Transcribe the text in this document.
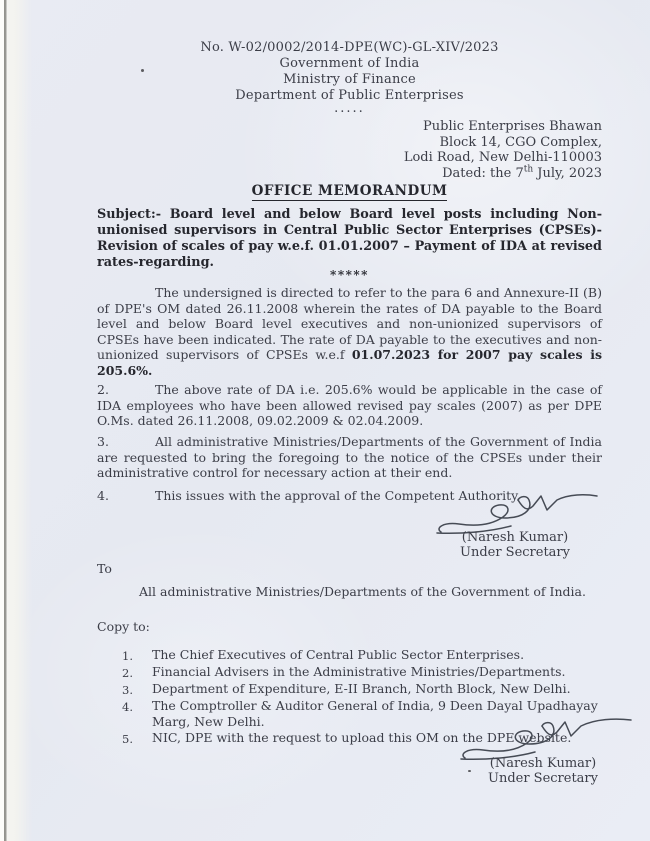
No. W-02/0002/2014-DPE(WC)-GL-XIV/2023
Government of India
Ministry of Finance
Department of Public Enterprises
.....
Public Enterprises Bhawan
Block 14, CGO Complex,
Lodi Road, New Delhi-110003
Dated: the 7th July, 2023
OFFICE MEMORANDUM

Subject:- Board level and below Board level posts including Non-unionised supervisors in Central Public Sector Enterprises (CPSEs)-Revision of scales of pay w.e.f. 01.01.2007 – Payment of IDA at revised rates-regarding.

*****

The undersigned is directed to refer to the para 6 and Annexure-II (B) of DPE's OM dated 26.11.2008 wherein the rates of DA payable to the Board level and below Board level executives and non-unionized supervisors of CPSEs have been indicated. The rate of DA payable to the executives and non-unionized supervisors of CPSEs w.e.f 01.07.2023 for 2007 pay scales is 205.6%.

2.	The above rate of DA i.e. 205.6% would be applicable in the case of IDA employees who have been allowed revised pay scales (2007) as per DPE O.Ms. dated 26.11.2008, 09.02.2009 & 02.04.2009.

3.	All administrative Ministries/Departments of the Government of India are requested to bring the foregoing to the notice of the CPSEs under their administrative control for necessary action at their end.

4.	This issues with the approval of the Competent Authority.

(Naresh Kumar)
Under Secretary
To
All administrative Ministries/Departments of the Government of India.
Copy to:
1.	The Chief Executives of Central Public Sector Enterprises.
2.	Financial Advisers in the Administrative Ministries/Departments.
3.	Department of Expenditure, E-II Branch, North Block, New Delhi.
4.	The Comptroller & Auditor General of India, 9 Deen Dayal Upadhayay Marg, New Delhi.
5.	NIC, DPE with the request to upload this OM on the DPE website.
(Naresh Kumar)
Under Secretary
